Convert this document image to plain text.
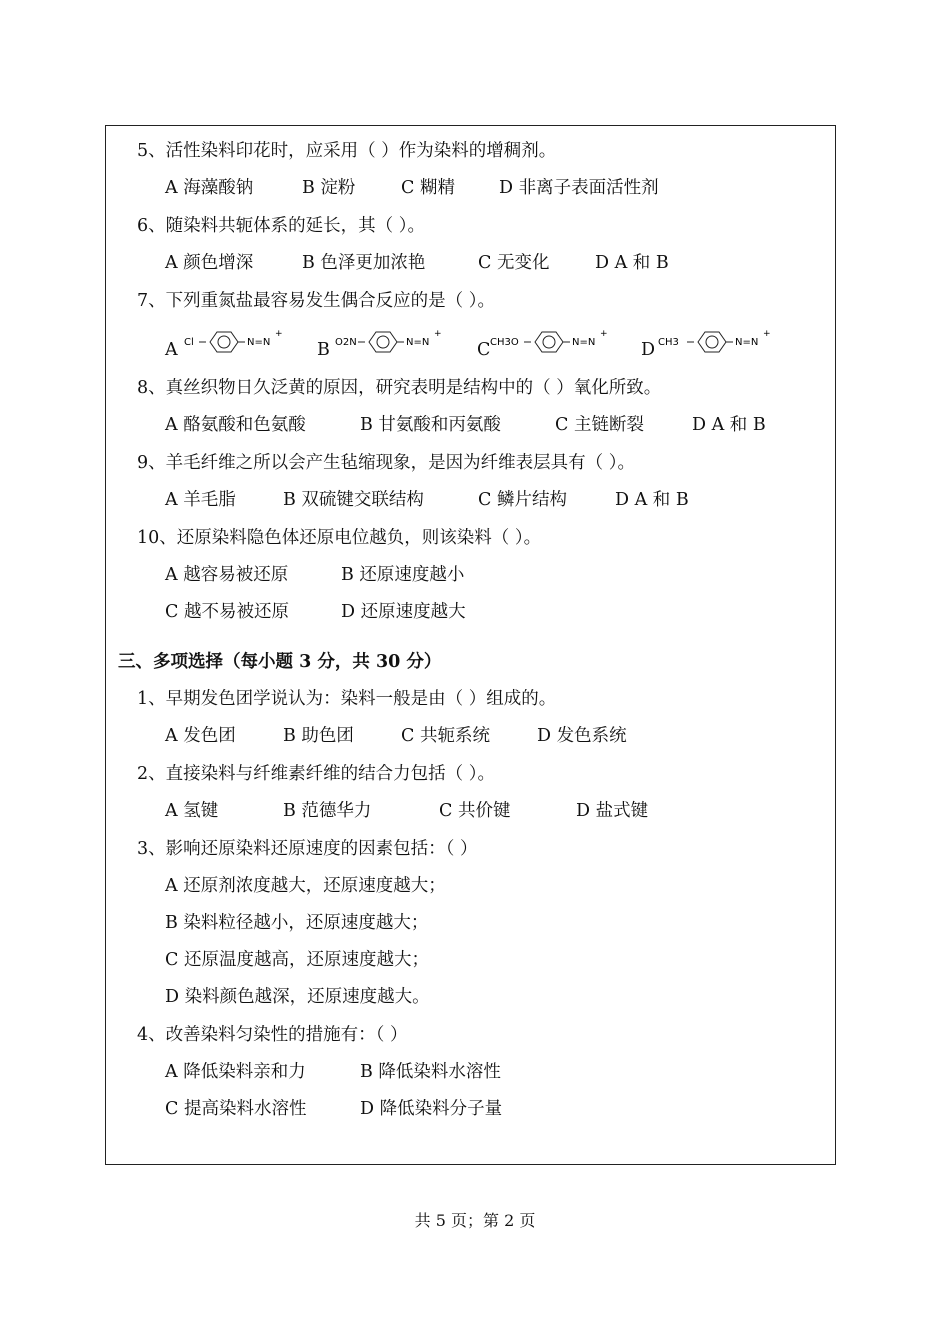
5、活性染料印花时，应采用（ ）作为染料的增稠剂。
A 海藻酸钠	B 淀粉	C 糊精	D 非离子表面活性剂
6、随染料共轭体系的延长，其（ ）。
A 颜色增深	B 色泽更加浓艳	C 无变化	D A 和 B
7、下列重氮盐最容易发生偶合反应的是（ ）。
A Cl	N=N
+
B O2N	N=N
+
C CH3O	N=N
+
D CH3	N=N
+
8、真丝织物日久泛黄的原因，研究表明是结构中的（ ）氧化所致。
A 酪氨酸和色氨酸	B 甘氨酸和丙氨酸	C 主链断裂	D A 和 B
9、羊毛纤维之所以会产生毡缩现象，是因为纤维表层具有（ ）。
A 羊毛脂	B 双硫键交联结构	C 鳞片结构	D A 和 B
10、还原染料隐色体还原电位越负，则该染料（ ）。
A 越容易被还原	B 还原速度越小
C 越不易被还原	D 还原速度越大
三、多项选择（每小题 3 分，共 30 分）
1、早期发色团学说认为：染料一般是由（ ）组成的。
A 发色团	B 助色团	C 共轭系统	D 发色系统
2、直接染料与纤维素纤维的结合力包括（ ）。
A 氢键	B 范德华力	C 共价键	D 盐式键
3、影响还原染料还原速度的因素包括：（ ）
A 还原剂浓度越大，还原速度越大；
B 染料粒径越小，还原速度越大；
C 还原温度越高，还原速度越大；
D 染料颜色越深，还原速度越大。
4、改善染料匀染性的措施有：（ ）
A 降低染料亲和力	B 降低染料水溶性
C 提高染料水溶性	D 降低染料分子量
共 5 页；第 2 页
